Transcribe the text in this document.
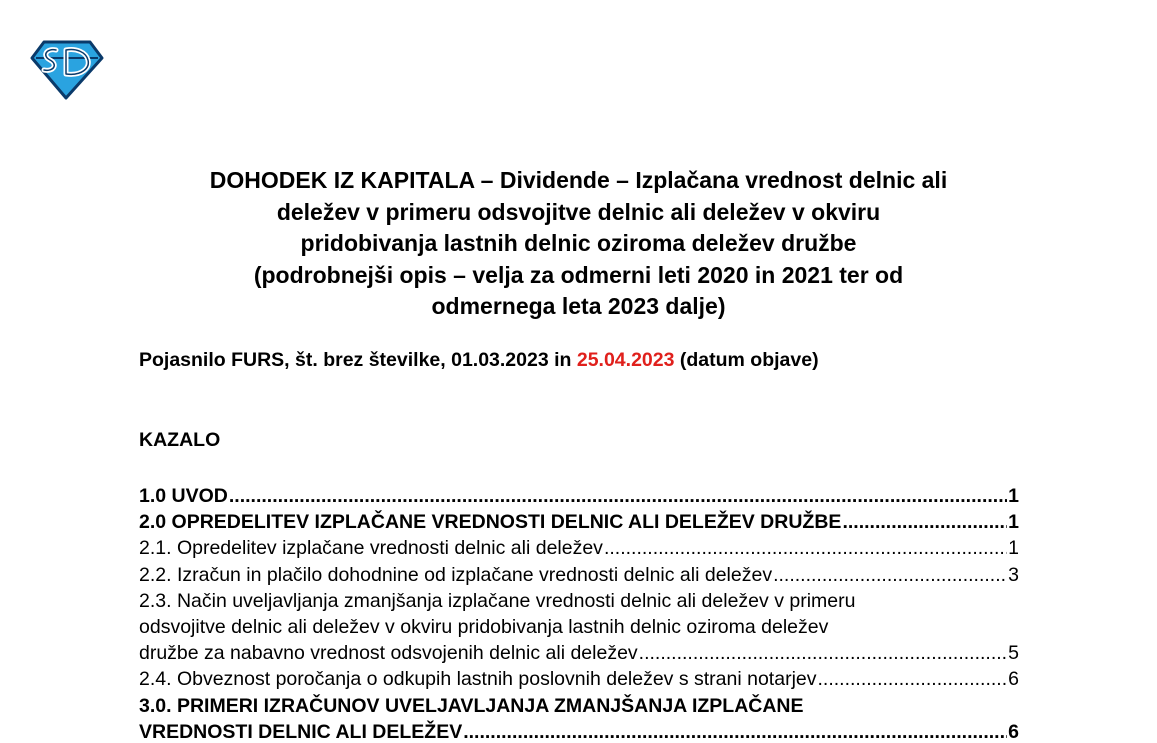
DOHODEK IZ KAPITALA – Dividende – Izplačana vrednost delnic ali
deležev v primeru odsvojitve delnic ali deležev v okviru
pridobivanja lastnih delnic oziroma deležev družbe
(podrobnejši opis – velja za odmerni leti 2020 in 2021 ter od
odmernega leta 2023 dalje)
Pojasnilo FURS, št. brez številke, 01.03.2023 in 25.04.2023 (datum objave)
KAZALO
1.0 UVOD .....	1
2.0 OPREDELITEV IZPLAČANE VREDNOSTI DELNIC ALI DELEŽEV DRUŽBE .....	1
2.1. Opredelitev izplačane vrednosti delnic ali deležev .....	1
2.2. Izračun in plačilo dohodnine od izplačane vrednosti delnic ali deležev .....	3
2.3. Način uveljavljanja zmanjšanja izplačane vrednosti delnic ali deležev v primeru
odsvojitve delnic ali deležev v okviru pridobivanja lastnih delnic oziroma deležev
družbe za nabavno vrednost odsvojenih delnic ali deležev .....	5
2.4. Obveznost poročanja o odkupih lastnih poslovnih deležev s strani notarjev .....	6
3.0. PRIMERI IZRAČUNOV UVELJAVLJANJA ZMANJŠANJA IZPLAČANE
VREDNOSTI DELNIC ALI DELEŽEV .....	6
